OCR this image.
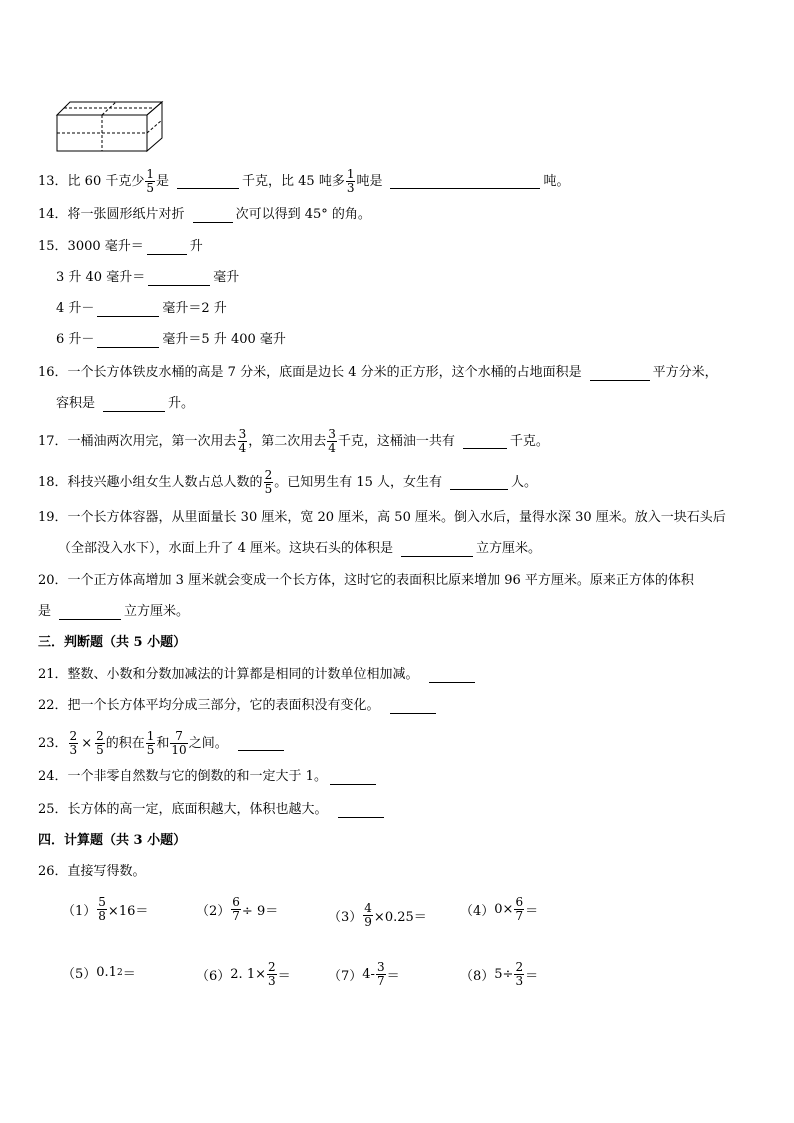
13． 比 60 千克少 $\frac{1}{5}$ 是	千克，比 45 吨多 $\frac{1}{3}$ 吨是	吨。
14． 将一张圆形纸片对折	次可以得到 45° 的角。
15． 3000 毫升＝	升
3 升 40 毫升＝	毫升
4 升－	毫升＝2 升
6 升－	毫升＝5 升 400 毫升
16． 一个长方体铁皮水桶的高是 7 分米，底面是边长 4 分米的正方形，这个水桶的占地面积是	平方分米，
容积是	升。
17． 一桶油两次用完，第一次用去 $\frac{3}{4}$ ，第二次用去 $\frac{3}{4}$ 千克，这桶油一共有	千克。
18． 科技兴趣小组女生人数占总人数的 $\frac{2}{5}$ 。已知男生有 15 人，女生有	人。
19． 一个长方体容器，从里面量长 30 厘米，宽 20 厘米，高 50 厘米。倒入水后，量得水深 30 厘米。放入一块石头后
（全部没入水下），水面上升了 4 厘米。这块石头的体积是	立方厘米。
20． 一个正方体高增加 3 厘米就会变成一个长方体，这时它的表面积比原来增加 96 平方厘米。原来正方体的体积
是	立方厘米。
三．判断题（共 5 小题）
21． 整数、小数和分数加减法的计算都是相同的计数单位相加减。
22． 把一个长方体平均分成三部分，它的表面积没有变化。
23． $\frac{2}{3} \times \frac{2}{5}$ 的积在 $\frac{1}{5}$ 和 $\frac{7}{10}$ 之间。
24． 一个非零自然数与它的倒数的和一定大于 1。
25． 长方体的高一定，底面积越大，体积也越大。
四．计算题（共 3 小题）
26． 直接写得数。
$(1) \frac{5}{8} \times 16=$	$(2) \frac{6}{7} \div 9=$	$(3) \frac{4}{9} \times 0.25=$	（4） $0\times \frac{6}{7}$ ＝
（5） 0.1 2 ＝	（6） 2. $1\times \frac{2}{3}$ ＝	（7） $4- \frac{3}{7}$ ＝	（8） $5\div \frac{2}{3}$ ＝
